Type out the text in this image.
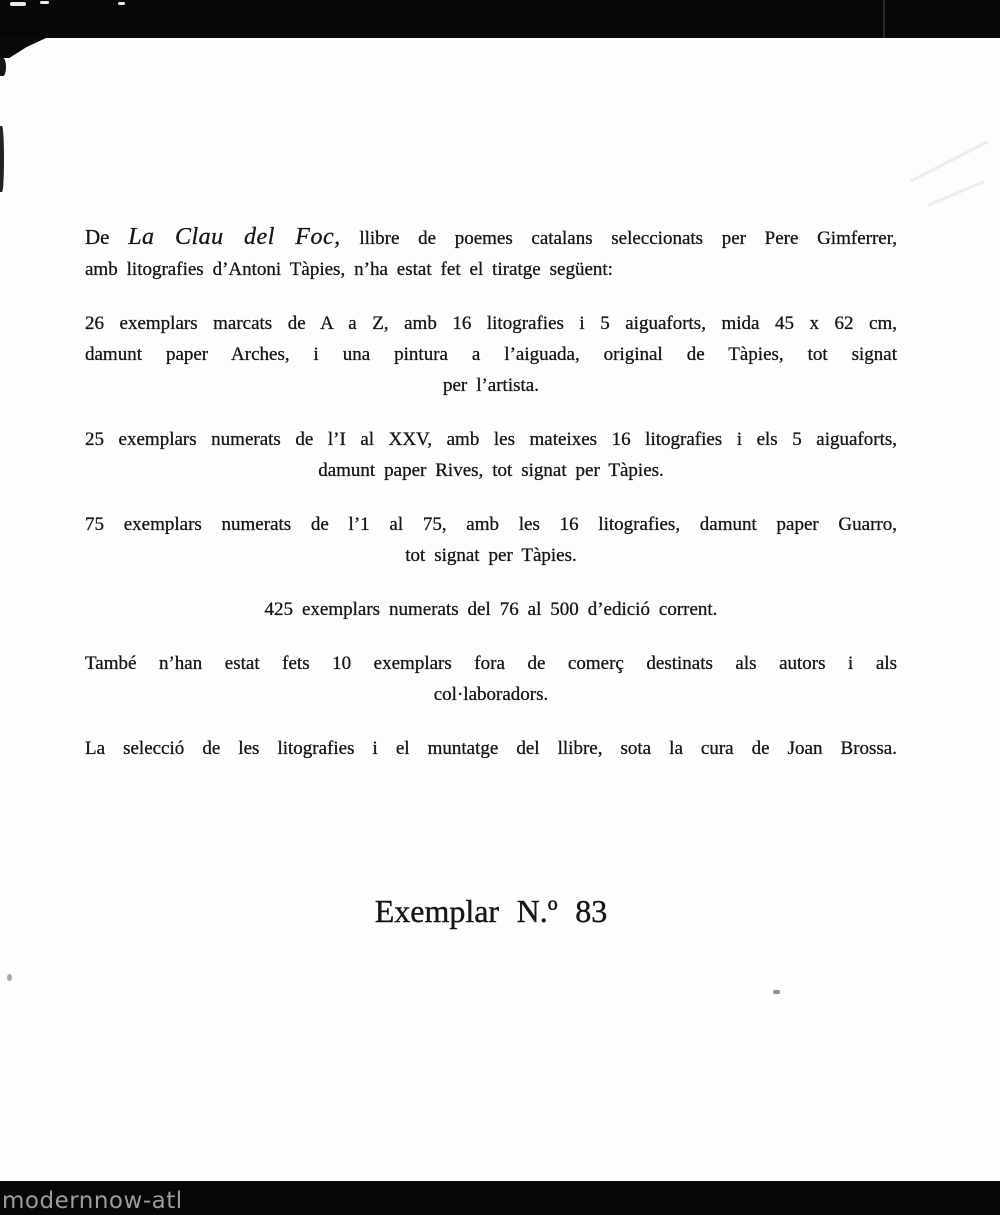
De La Clau del Foc, llibre de poemes catalans seleccionats per Pere Gimferrer,
amb litografies d’Antoni Tàpies, n’ha estat fet el tiratge següent:
26 exemplars marcats de A a Z, amb 16 litografies i 5 aiguaforts, mida 45 x 62 cm,
damunt paper Arches, i una pintura a l’aiguada, original de Tàpies, tot signat
per l’artista.
25 exemplars numerats de l’I al XXV, amb les mateixes 16 litografies i els 5 aiguaforts,
damunt paper Rives, tot signat per Tàpies.
75 exemplars numerats de l’1 al 75, amb les 16 litografies, damunt paper Guarro,
tot signat per Tàpies.
425 exemplars numerats del 76 al 500 d’edició corrent.
També n’han estat fets 10 exemplars fora de comerç destinats als autors i als
col·laboradors.
La selecció de les litografies i el muntatge del llibre, sota la cura de Joan Brossa.
Exemplar N.º 83
modernnow-atl
